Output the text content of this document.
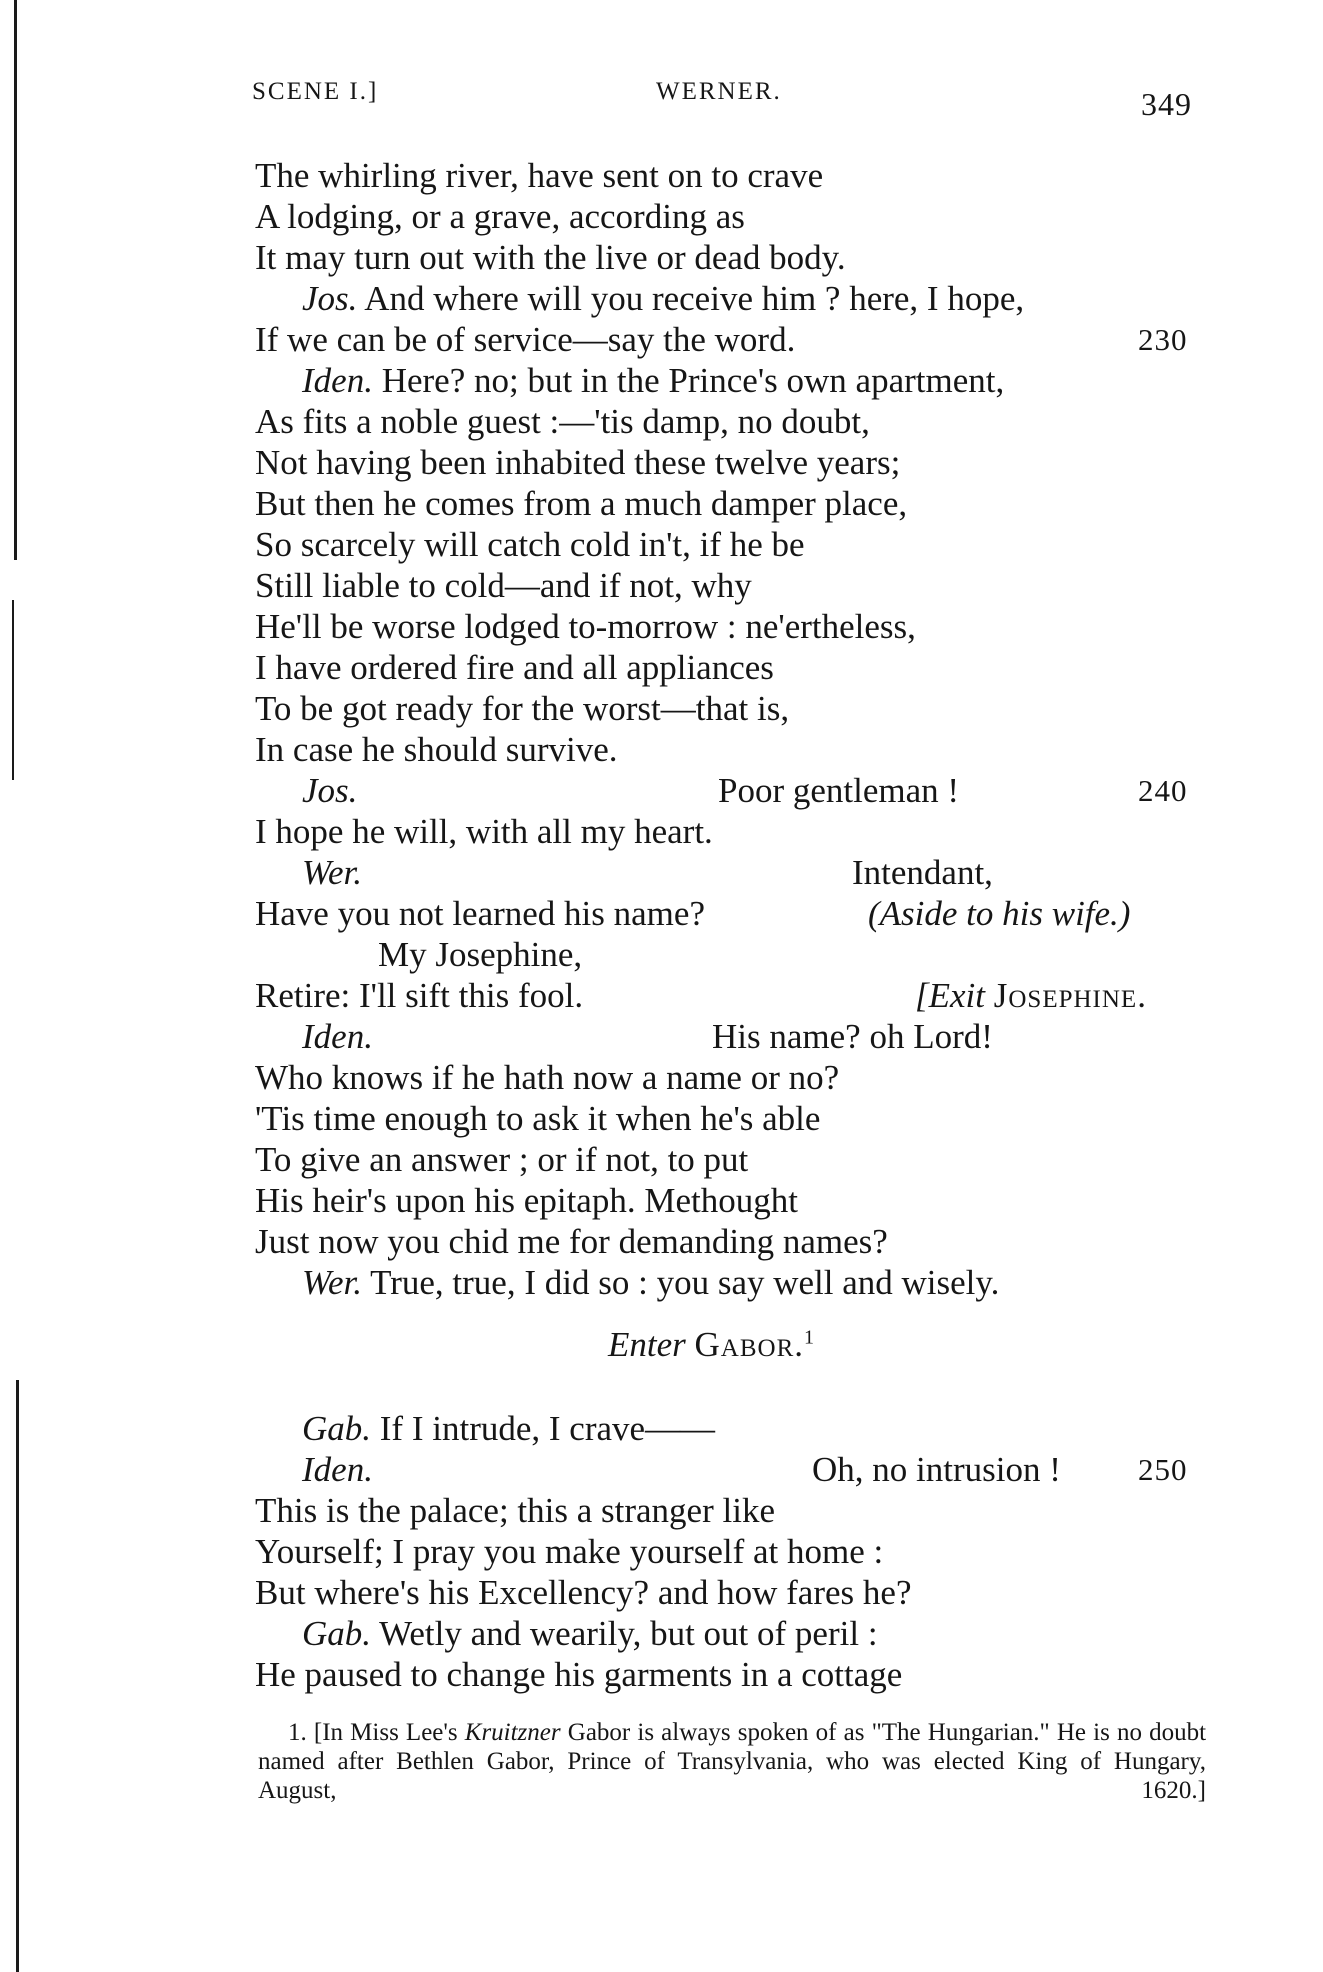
SCENE I.]	WERNER.	349
The whirling river, have sent on to crave
A lodging, or a grave, according as
It may turn out with the live or dead body.
Jos. And where will you receive him ? here, I hope,
If we can be of service—say the word.	230
Iden. Here? no; but in the Prince's own apartment,
As fits a noble guest :—'tis damp, no doubt,
Not having been inhabited these twelve years;
But then he comes from a much damper place,
So scarcely will catch cold in't, if he be
Still liable to cold—and if not, why
He'll be worse lodged to-morrow : ne'ertheless,
I have ordered fire and all appliances
To be got ready for the worst—that is,
In case he should survive.
Jos.	Poor gentleman !	240
I hope he will, with all my heart.
Wer.	Intendant,
Have you not learned his name?	(Aside to his wife.)
My Josephine,
Retire: I'll sift this fool.	[Exit Josephine.
Iden.	His name? oh Lord!
Who knows if he hath now a name or no?
'Tis time enough to ask it when he's able
To give an answer ; or if not, to put
His heir's upon his epitaph. Methought
Just now you chid me for demanding names?
Wer. True, true, I did so : you say well and wisely.
Enter Gabor.$^1$
Gab. If I intrude, I crave——
Iden.	Oh, no intrusion ! 250
This is the palace; this a stranger like
Yourself; I pray you make yourself at home :
But where's his Excellency? and how fares he?
Gab. Wetly and wearily, but out of peril :
He paused to change his garments in a cottage
1. [In Miss Lee's Kruitzner Gabor is always spoken of as "The Hungarian." He is no doubt named after Bethlen Gabor, Prince of Transylvania, who was elected King of Hungary, August, 1620.]
